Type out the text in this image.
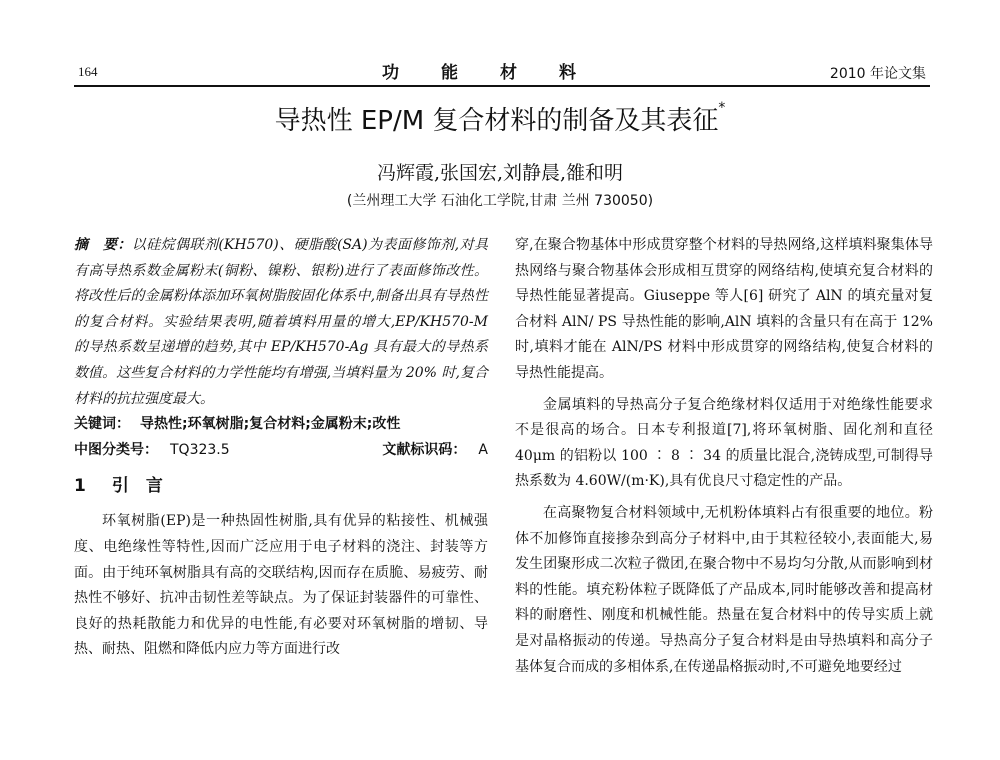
164	功能材料	2010 年论文集
导热性 EP/M 复合材料的制备及其表征*
冯辉霞,张国宏,刘静晨,雒和明
(兰州理工大学 石油化工学院,甘肃 兰州 730050)

摘　要：以硅烷偶联剂(KH570)、硬脂酸(SA)为表面修饰剂,对具有高导热系数金属粉末(铜粉、镍粉、银粉)进行了表面修饰改性。将改性后的金属粉体添加环氧树脂胺固化体系中,制备出具有导热性的复合材料。实验结果表明,随着填料用量的增大,EP/KH570-M 的导热系数呈递增的趋势,其中 EP/KH570-Ag 具有最大的导热系数值。这些复合材料的力学性能均有增强,当填料量为 20% 时,复合材料的抗拉强度最大。

关键词： 导热性;环氧树脂;复合材料;金属粉末;改性
中图分类号： TQ323.5	文献标识码： A
1 引　言

环氧树脂(EP)是一种热固性树脂,具有优异的粘接性、机械强度、电绝缘性等特性,因而广泛应用于电子材料的浇注、封装等方面。由于纯环氧树脂具有高的交联结构,因而存在质脆、易疲劳、耐热性不够好、抗冲击韧性差等缺点。为了保证封装器件的可靠性、良好的热耗散能力和优异的电性能,有必要对环氧树脂的增韧、导热、耐热、阻燃和降低内应力等方面进行改

穿,在聚合物基体中形成贯穿整个材料的导热网络,这样填料聚集体导热网络与聚合物基体会形成相互贯穿的网络结构,使填充复合材料的导热性能显著提高。Giuseppe 等人[6] 研究了 AlN 的填充量对复合材料 AlN/ PS 导热性能的影响,AlN 填料的含量只有在高于 12%时,填料才能在 AlN/PS 材料中形成贯穿的网络结构,使复合材料的导热性能提高。

金属填料的导热高分子复合绝缘材料仅适用于对绝缘性能要求不是很高的场合。日本专利报道[7],将环氧树脂、固化剂和直径 40μm 的铝粉以 100 ∶ 8 ∶ 34 的质量比混合,浇铸成型,可制得导热系数为 4.60W/(m·K),具有优良尺寸稳定性的产品。

在高聚物复合材料领域中,无机粉体填料占有很重要的地位。粉体不加修饰直接掺杂到高分子材料中,由于其粒径较小,表面能大,易发生团聚形成二次粒子微团,在聚合物中不易均匀分散,从而影响到材料的性能。填充粉体粒子既降低了产品成本,同时能够改善和提高材料的耐磨性、刚度和机械性能。热量在复合材料中的传导实质上就是对晶格振动的传递。导热高分子复合材料是由导热填料和高分子基体复合而成的多相体系,在传递晶格振动时,不可避免地要经过
